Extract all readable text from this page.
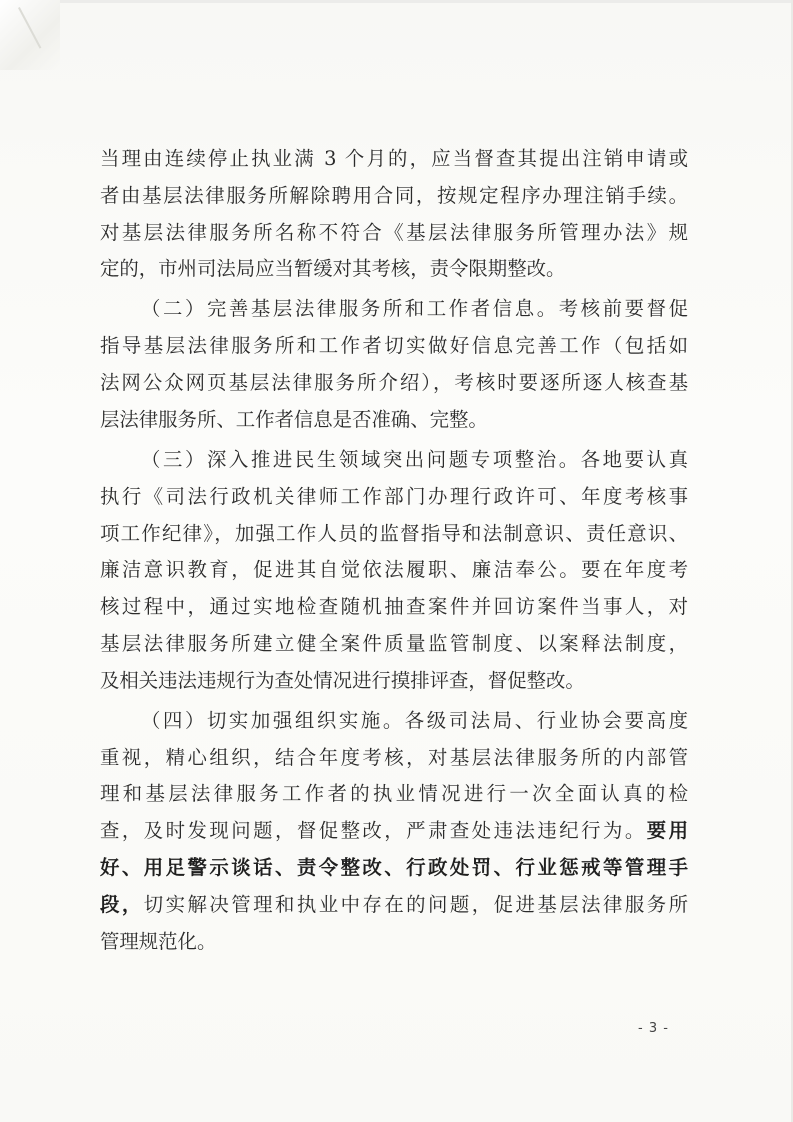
当理由连续停止执业满 3 个月的，应当督查其提出注销申请或
者由基层法律服务所解除聘用合同，按规定程序办理注销手续。
对基层法律服务所名称不符合《基层法律服务所管理办法》规
定的，市州司法局应当暂缓对其考核，责令限期整改。
（二）完善基层法律服务所和工作者信息。考核前要督促
指导基层法律服务所和工作者切实做好信息完善工作（包括如
法网公众网页基层法律服务所介绍），考核时要逐所逐人核查基
层法律服务所、工作者信息是否准确、完整。
（三）深入推进民生领域突出问题专项整治。各地要认真
执行《司法行政机关律师工作部门办理行政许可、年度考核事
项工作纪律》，加强工作人员的监督指导和法制意识、责任意识、
廉洁意识教育，促进其自觉依法履职、廉洁奉公。要在年度考
核过程中，通过实地检查随机抽查案件并回访案件当事人，对
基层法律服务所建立健全案件质量监管制度、以案释法制度，
及相关违法违规行为查处情况进行摸排评查，督促整改。
（四）切实加强组织实施。各级司法局、行业协会要高度
重视，精心组织，结合年度考核，对基层法律服务所的内部管
理和基层法律服务工作者的执业情况进行一次全面认真的检
查，及时发现问题，督促整改，严肃查处违法违纪行为。要用
好、用足警示谈话、责令整改、行政处罚、行业惩戒等管理手
段，切实解决管理和执业中存在的问题，促进基层法律服务所
管理规范化。
- 3 -
